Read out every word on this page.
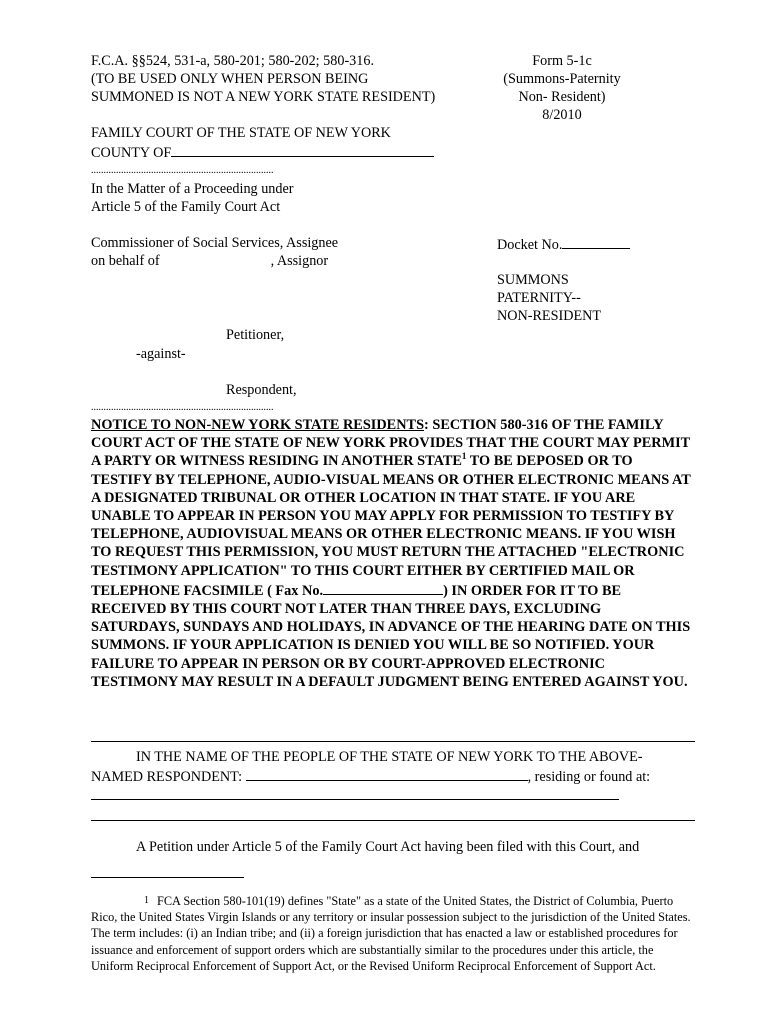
F.C.A. §§524, 531-a, 580-201; 580-202; 580-316.
(TO BE USED ONLY WHEN PERSON BEING
SUMMONED IS NOT A NEW YORK STATE RESIDENT)
Form 5-1c
(Summons-Paternity
Non- Resident)
8/2010
FAMILY COURT OF THE STATE OF NEW YORK
COUNTY OF
.........................................................................
In the Matter of a Proceeding under
Article 5 of the Family Court Act
Commissioner of Social Services, Assignee
on behalf of	, Assignor
Docket No.
SUMMONS
PATERNITY--
NON-RESIDENT
Petitioner,
-against-
Respondent,
.........................................................................
NOTICE TO NON-NEW YORK STATE RESIDENTS: SECTION 580-316 OF THE FAMILY COURT ACT OF THE STATE OF NEW YORK PROVIDES THAT THE COURT MAY PERMIT A PARTY OR WITNESS RESIDING IN ANOTHER STATE$^1$ TO BE DEPOSED OR TO TESTIFY BY TELEPHONE, AUDIO-VISUAL MEANS OR OTHER ELECTRONIC MEANS AT A DESIGNATED TRIBUNAL OR OTHER LOCATION IN THAT STATE. IF YOU ARE UNABLE TO APPEAR IN PERSON YOU MAY APPLY FOR PERMISSION TO TESTIFY BY TELEPHONE, AUDIOVISUAL MEANS OR OTHER ELECTRONIC MEANS. IF YOU WISH TO REQUEST THIS PERMISSION, YOU MUST RETURN THE ATTACHED "ELECTRONIC TESTIMONY APPLICATION" TO THIS COURT EITHER BY CERTIFIED MAIL OR TELEPHONE FACSIMILE ( Fax No.	) IN ORDER FOR IT TO BE RECEIVED BY THIS COURT NOT LATER THAN THREE DAYS, EXCLUDING SATURDAYS, SUNDAYS AND HOLIDAYS, IN ADVANCE OF THE HEARING DATE ON THIS SUMMONS. IF YOUR APPLICATION IS DENIED YOU WILL BE SO NOTIFIED. YOUR FAILURE TO APPEAR IN PERSON OR BY COURT-APPROVED ELECTRONIC TESTIMONY MAY RESULT IN A DEFAULT JUDGMENT BEING ENTERED AGAINST YOU.
IN THE NAME OF THE PEOPLE OF THE STATE OF NEW YORK TO THE ABOVE-
NAMED RESPONDENT:	, residing or found at:
A Petition under Article 5 of the Family Court Act having been filed with this Court, and
1 FCA Section 580-101(19) defines "State" as a state of the United States, the District of Columbia, Puerto Rico, the United States Virgin Islands or any territory or insular possession subject to the jurisdiction of the United States. The term includes: (i) an Indian tribe; and (ii) a foreign jurisdiction that has enacted a law or established procedures for issuance and enforcement of support orders which are substantially similar to the procedures under this article, the Uniform Reciprocal Enforcement of Support Act, or the Revised Uniform Reciprocal Enforcement of Support Act.
